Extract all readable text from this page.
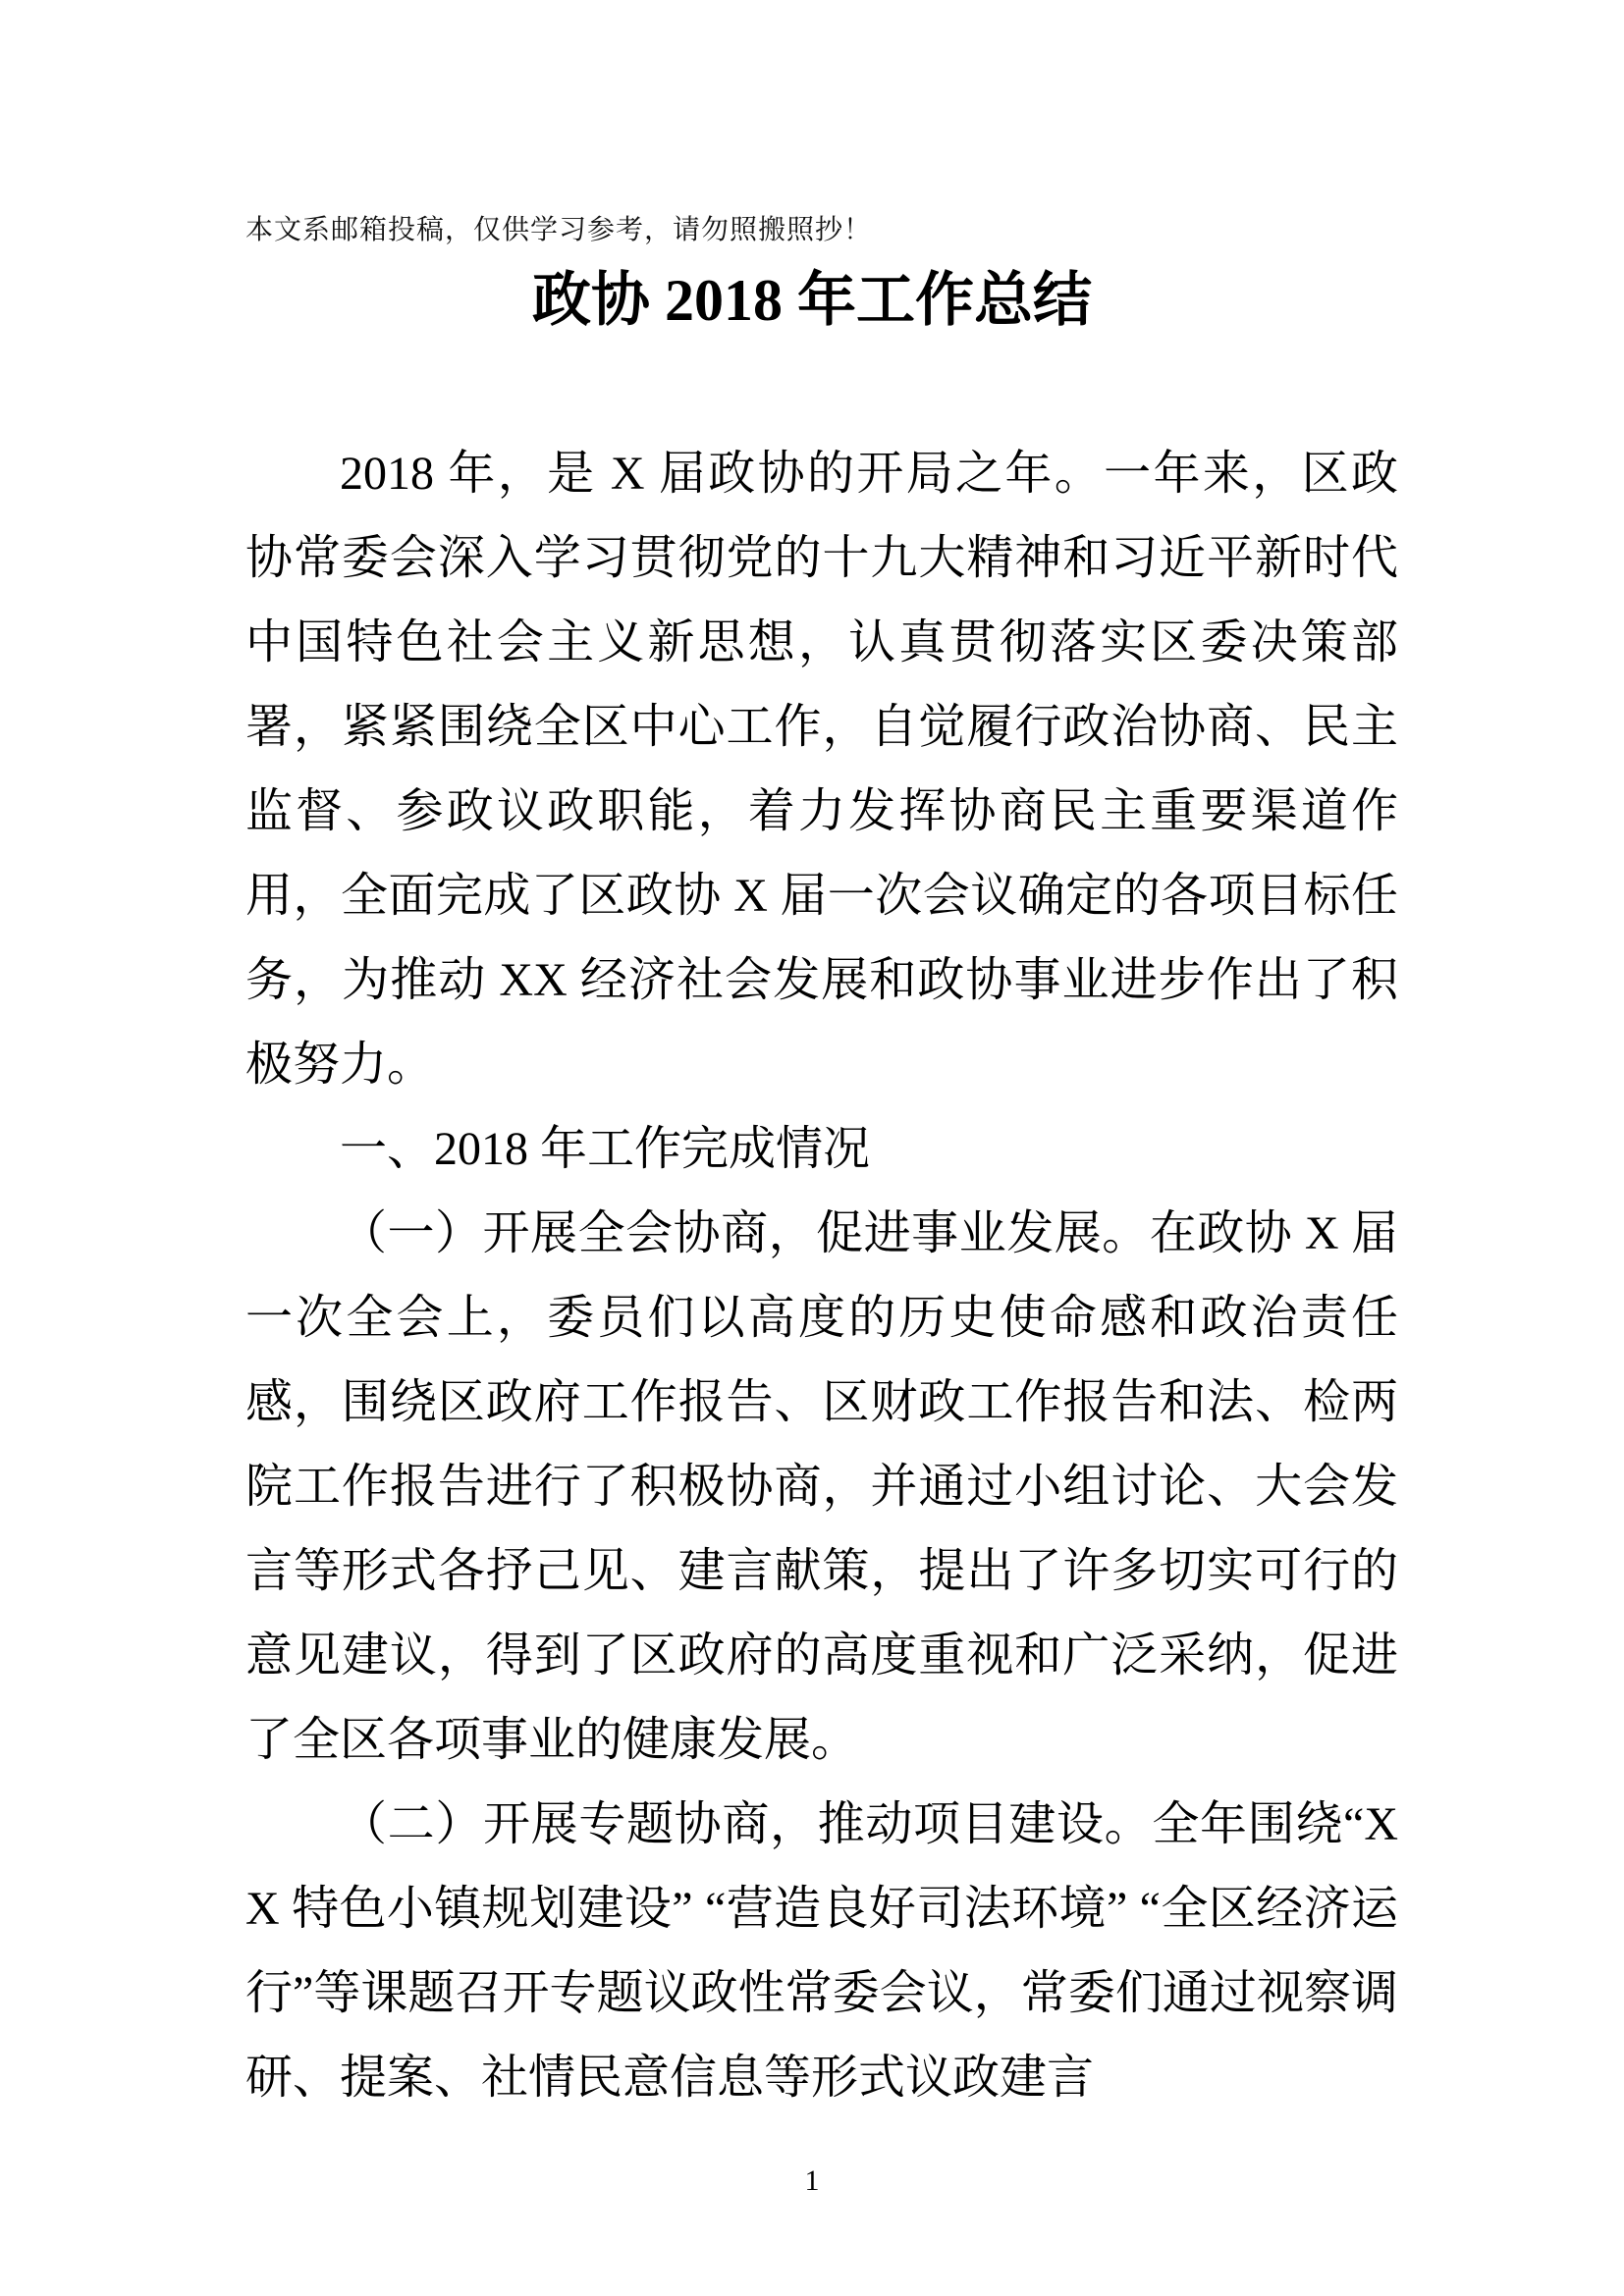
本文系邮箱投稿，仅供学习参考，请勿照搬照抄！
政协 2018 年工作总结

2018 年，是 X 届政协的开局之年。一年来，区政协常委会深入学习贯彻党的十九大精神和习近平新时代中国特色社会主义新思想，认真贯彻落实区委决策部署，紧紧围绕全区中心工作，自觉履行政治协商、民主监督、参政议政职能，着力发挥协商民主重要渠道作用，全面完成了区政协 X 届一次会议确定的各项目标任务，为推动 XX 经济社会发展和政协事业进步作出了积极努力。

一、2018 年工作完成情况

（一）开展全会协商，促进事业发展。在政协 X 届一次全会上，委员们以高度的历史使命感和政治责任感，围绕区政府工作报告、区财政工作报告和法、检两院工作报告进行了积极协商，并通过小组讨论、大会发言等形式各抒己见、建言献策，提出了许多切实可行的意见建议，得到了区政府的高度重视和广泛采纳，促进了全区各项事业的健康发展。

（二）开展专题协商，推动项目建设。全年围绕“XX 特色小镇规划建设” “营造良好司法环境” “全区经济运行”等课题召开专题议政性常委会议，常委们通过视察调研、提案、社情民意信息等形式议政建言

1
